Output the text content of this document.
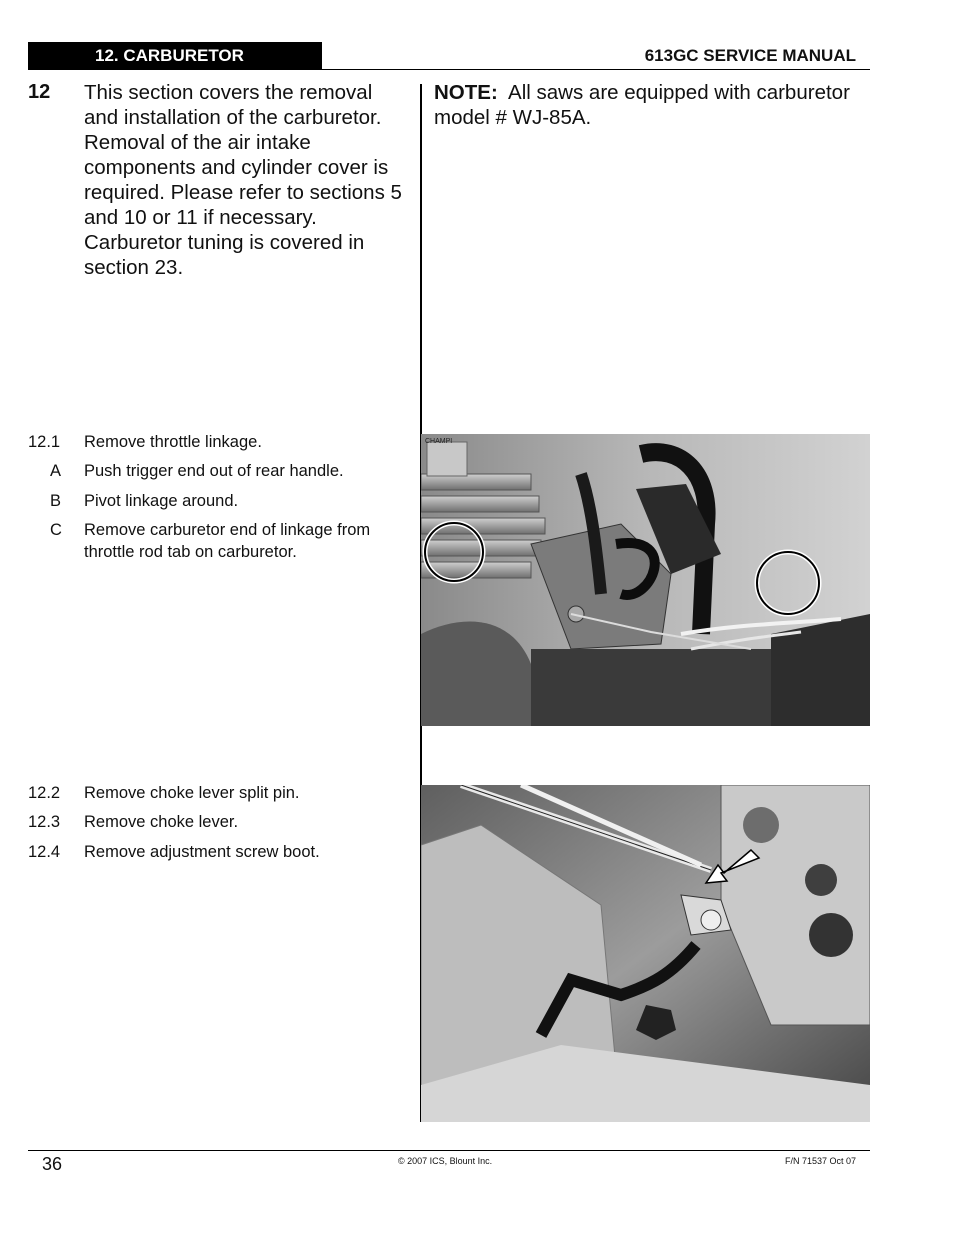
12. CARBURETOR	613GC SERVICE MANUAL
12 This section covers the removal and installation of the carburetor. Removal of the air intake components and cylinder cover is required. Please refer to sections 5 and 10 or 11 if necessary. Carburetor tuning is covered in section 23.
NOTE: All saws are equipped with carburetor model # WJ-85A.
12.1 Remove throttle linkage.
A Push trigger end out of rear handle.
B Pivot linkage around.
C Remove carburetor end of linkage from throttle rod tab on carburetor.
12.2 Remove choke lever split pin.
12.3 Remove choke lever.
12.4 Remove adjustment screw boot.
CHAMPI
36	© 2007 ICS, Blount Inc.	F/N 71537 Oct 07
